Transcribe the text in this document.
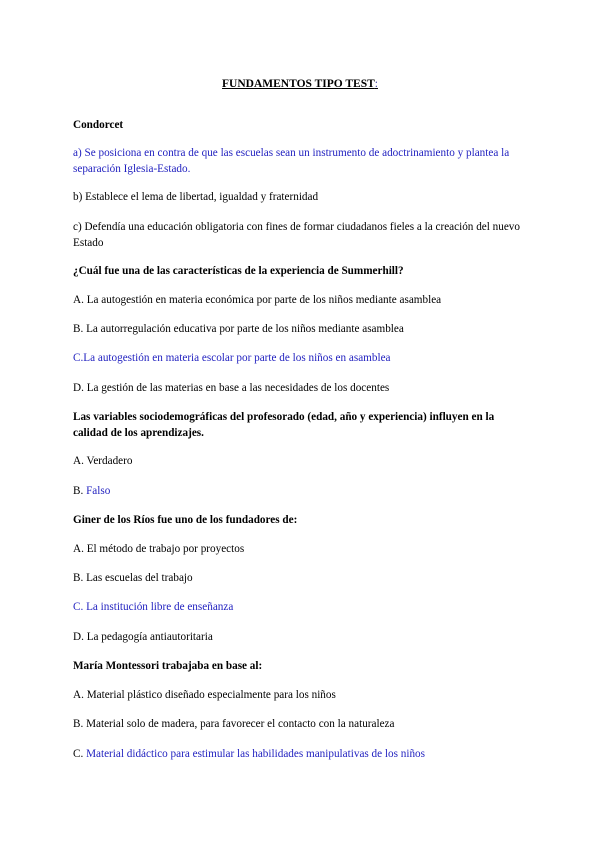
FUNDAMENTOS TIPO TEST:
Condorcet
a) Se posiciona en contra de que las escuelas sean un instrumento de adoctrinamiento y plantea la separación Iglesia-Estado.
b) Establece el lema de libertad, igualdad y fraternidad
c) Defendía una educación obligatoria con fines de formar ciudadanos fieles a la creación del nuevo Estado
¿Cuál fue una de las características de la experiencia de Summerhill?
A. La autogestión en materia económica por parte de los niños mediante asamblea
B. La autorregulación educativa por parte de los niños mediante asamblea
C.La autogestión en materia escolar por parte de los niños en asamblea
D. La gestión de las materias en base a las necesidades de los docentes
Las variables sociodemográficas del profesorado (edad, año y experiencia) influyen en la calidad de los aprendizajes.
A. Verdadero
B. Falso
Giner de los Ríos fue uno de los fundadores de:
A. El método de trabajo por proyectos
B. Las escuelas del trabajo
C. La institución libre de enseñanza
D. La pedagogía antiautoritaria
María Montessori trabajaba en base al:
A. Material plástico diseñado especialmente para los niños
B. Material solo de madera, para favorecer el contacto con la naturaleza
C. Material didáctico para estimular las habilidades manipulativas de los niños
